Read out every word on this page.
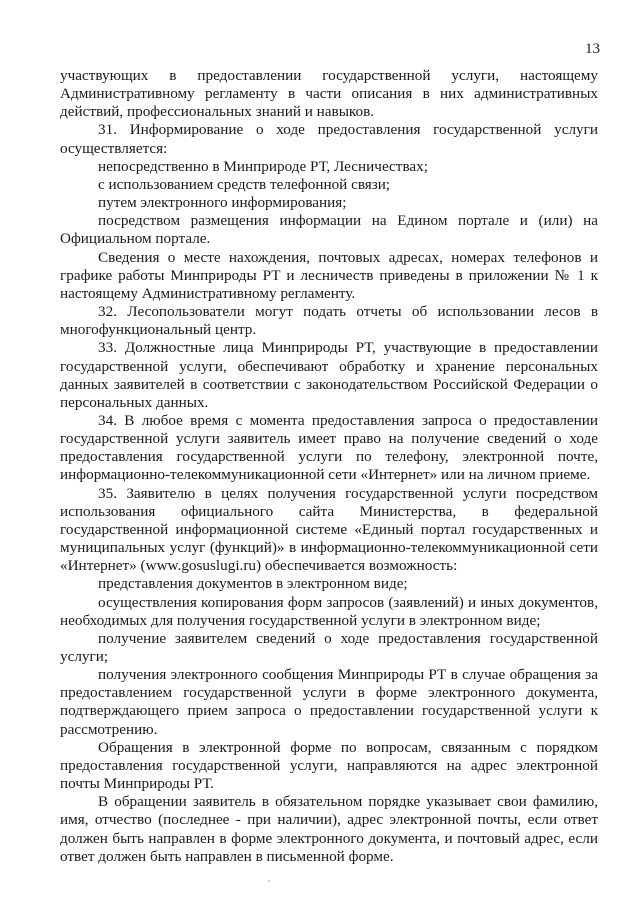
13

участвующих в предоставлении государственной услуги, настоящему Административному регламенту в части описания в них административных действий, профессиональных знаний и навыков.

31. Информирование о ходе предоставления государственной услуги осуществляется:

непосредственно в Минприроде РТ, Лесничествах;

с использованием средств телефонной связи;

путем электронного информирования;

посредством размещения информации на Едином портале и (или) на Официальном портале.

Сведения о месте нахождения, почтовых адресах, номерах телефонов и графике работы Минприроды РТ и лесничеств приведены в приложении № 1 к настоящему Административному регламенту.

32. Лесопользователи могут подать отчеты об использовании лесов в многофункциональный центр.

33. Должностные лица Минприроды РТ, участвующие в предоставлении государственной услуги, обеспечивают обработку и хранение персональных данных заявителей в соответствии с законодательством Российской Федерации о персональных данных.

34. В любое время с момента предоставления запроса о предоставлении государственной услуги заявитель имеет право на получение сведений о ходе предоставления государственной услуги по телефону, электронной почте, информационно-телекоммуникационной сети «Интернет» или на личном приеме.

35. Заявителю в целях получения государственной услуги посредством использования официального сайта Министерства, в федеральной государственной информационной системе «Единый портал государственных и муниципальных услуг (функций)» в информационно-телекоммуникационной сети «Интернет» (www.gosuslugi.ru) обеспечивается возможность:

представления документов в электронном виде;

осуществления копирования форм запросов (заявлений) и иных документов, необходимых для получения государственной услуги в электронном виде;

получение заявителем сведений о ходе предоставления государственной услуги;

получения электронного сообщения Минприроды РТ в случае обращения за предоставлением государственной услуги в форме электронного документа, подтверждающего прием запроса о предоставлении государственной услуги к рассмотрению.

Обращения в электронной форме по вопросам, связанным с порядком предоставления государственной услуги, направляются на адрес электронной почты Минприроды РТ.

В обращении заявитель в обязательном порядке указывает свои фамилию, имя, отчество (последнее - при наличии), адрес электронной почты, если ответ должен быть направлен в форме электронного документа, и почтовый адрес, если ответ должен быть направлен в письменной форме.
